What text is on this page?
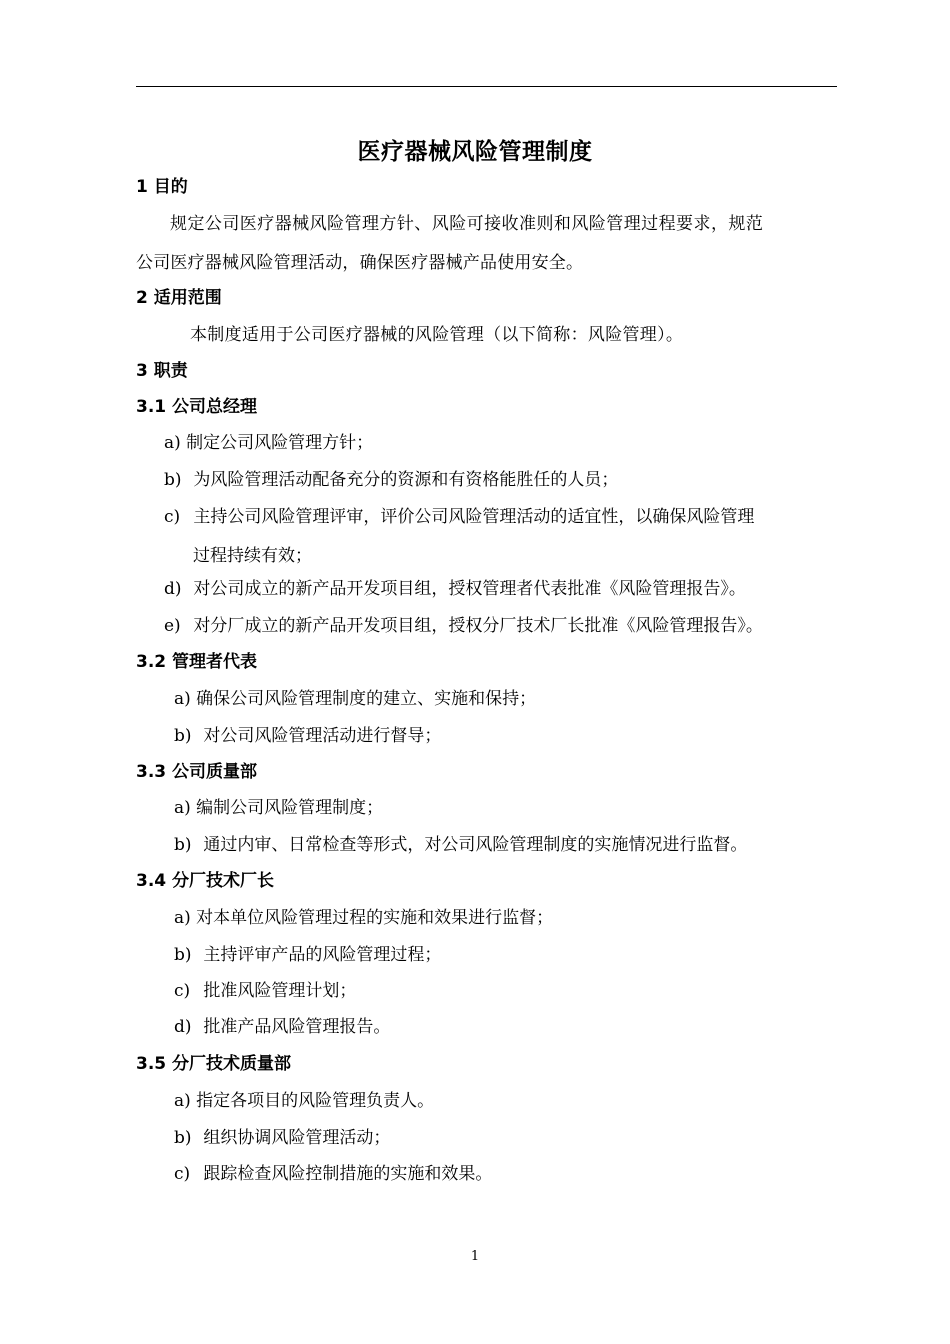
医疗器械风险管理制度
1 目的
规定公司医疗器械风险管理方针、风险可接收准则和风险管理过程要求，规范
公司医疗器械风险管理活动，确保医疗器械产品使用安全。
2 适用范围
本制度适用于公司医疗器械的风险管理（以下简称：风险管理）。
3 职责
3.1 公司总经理
a) 制定公司风险管理方针；
b) 为风险管理活动配备充分的资源和有资格能胜任的人员；
c) 主持公司风险管理评审，评价公司风险管理活动的适宜性，以确保风险管理
过程持续有效；
d) 对公司成立的新产品开发项目组，授权管理者代表批准《风险管理报告》。
e) 对分厂成立的新产品开发项目组，授权分厂技术厂长批准《风险管理报告》。
3.2 管理者代表
a) 确保公司风险管理制度的建立、实施和保持；
b) 对公司风险管理活动进行督导；
3.3 公司质量部
a) 编制公司风险管理制度；
b) 通过内审、日常检查等形式，对公司风险管理制度的实施情况进行监督。
3.4 分厂技术厂长
a) 对本单位风险管理过程的实施和效果进行监督；
b) 主持评审产品的风险管理过程；
c) 批准风险管理计划；
d) 批准产品风险管理报告。
3.5 分厂技术质量部
a) 指定各项目的风险管理负责人。
b) 组织协调风险管理活动；
c) 跟踪检查风险控制措施的实施和效果。
1
